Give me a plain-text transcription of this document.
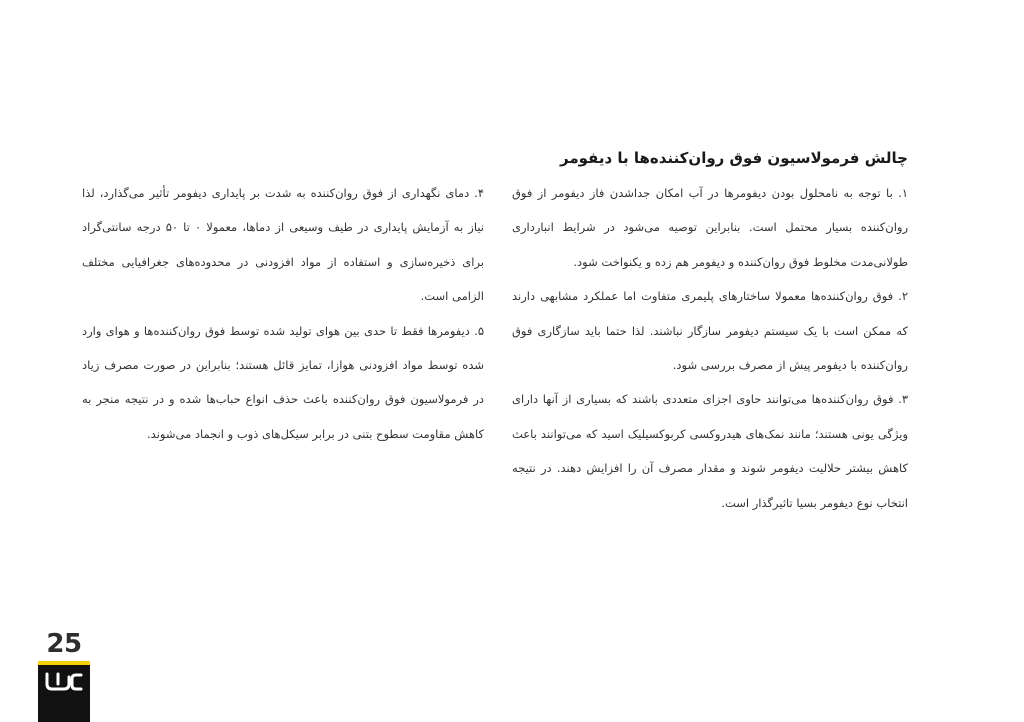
چالش فرمولاسیون فوق روان‌کننده‌ها با دیفومر

۱. با توجه به نامحلول بودن دیفومرها در آب امکان جداشدن فاز دیفومر از فوق روان‌کننده بسیار محتمل است. بنابراین توصیه می‌شود در شرایط انبارداری طولانی‌مدت مخلوط فوق روان‌کننده و دیفومر هم زده و یکنواخت شود.

۲. فوق روان‌کننده‌ها معمولا ساختارهای پلیمری متفاوت اما عملکرد مشابهی دارند که ممکن است با یک سیستم دیفومر سازگار نباشند. لذا حتما باید سازگاری فوق روان‌کننده با دیفومر پیش از مصرف بررسی شود.

۳. فوق روان‌کننده‌ها می‌توانند حاوی اجزای متعددی باشند که بسیاری از آنها دارای ویژگی یونی هستند؛ مانند نمک‌های هیدروکسی کربوکسیلیک اسید که می‌توانند باعث کاهش بیشتر حلالیت دیفومر شوند و مقدار مصرف آن را افزایش دهند. در نتیجه انتخاب نوع دیفومر بسیا تاثیرگذار است.

۴. دمای نگهداری از فوق روان‌کننده به شدت بر پایداری دیفومر تأثیر می‌گذارد، لذا نیاز به آزمایش پایداری در طیف وسیعی از دماها، معمولا ۰ تا ۵۰ درجه سانتی‌گراد برای ذخیره‌سازی و استفاده از مواد افزودنی در محدوده‌های جغرافیایی مختلف الزامی است.

۵. دیفومرها فقط تا حدی بین هوای تولید شده توسط فوق روان‌کننده‌ها و هوای وارد شده توسط مواد افزودنی هوازا، تمایز قائل هستند؛ بنابراین در صورت مصرف زیاد در فرمولاسیون فوق روان‌کننده باعث حذف انواع حباب‌ها شده و در نتیجه منجر به کاهش مقاومت سطوح بتنی در برابر سیکل‌های ذوب و انجماد می‌شوند.

25
